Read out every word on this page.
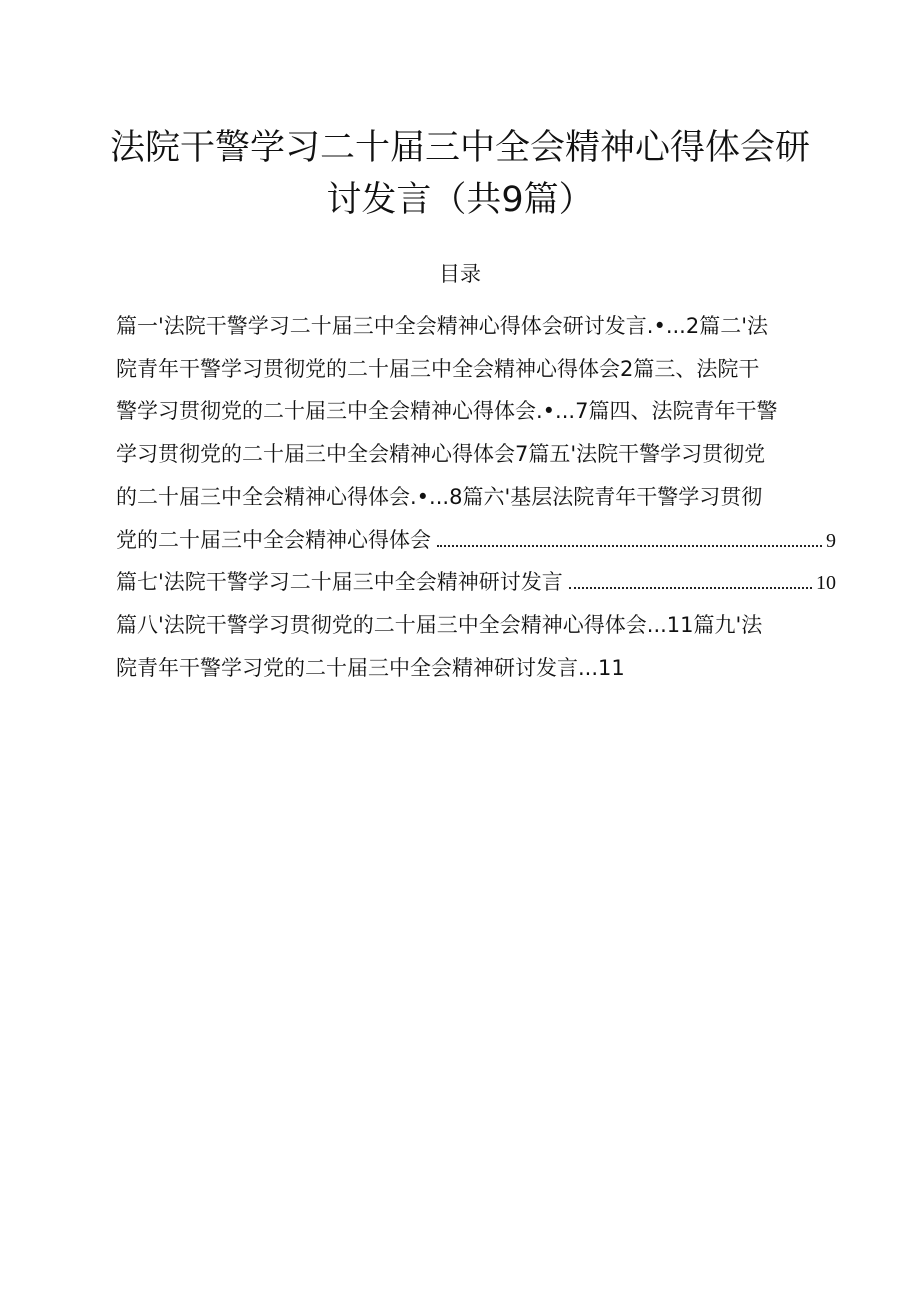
法院干警学习二十届三中全会精神心得体会研
讨发言（共9篇）
目录
篇一'法院干警学习二十届三中全会精神心得体会研讨发言.•...2篇二'法
院青年干警学习贯彻党的二十届三中全会精神心得体会2篇三、法院干
警学习贯彻党的二十届三中全会精神心得体会.•...7篇四、法院青年干警
学习贯彻党的二十届三中全会精神心得体会7篇五'法院干警学习贯彻党
的二十届三中全会精神心得体会.•...8篇六'基层法院青年干警学习贯彻
党的二十届三中全会精神心得体会	9
篇七'法院干警学习二十届三中全会精神研讨发言	10
篇八'法院干警学习贯彻党的二十届三中全会精神心得体会...11篇九'法
院青年干警学习党的二十届三中全会精神研讨发言...11
